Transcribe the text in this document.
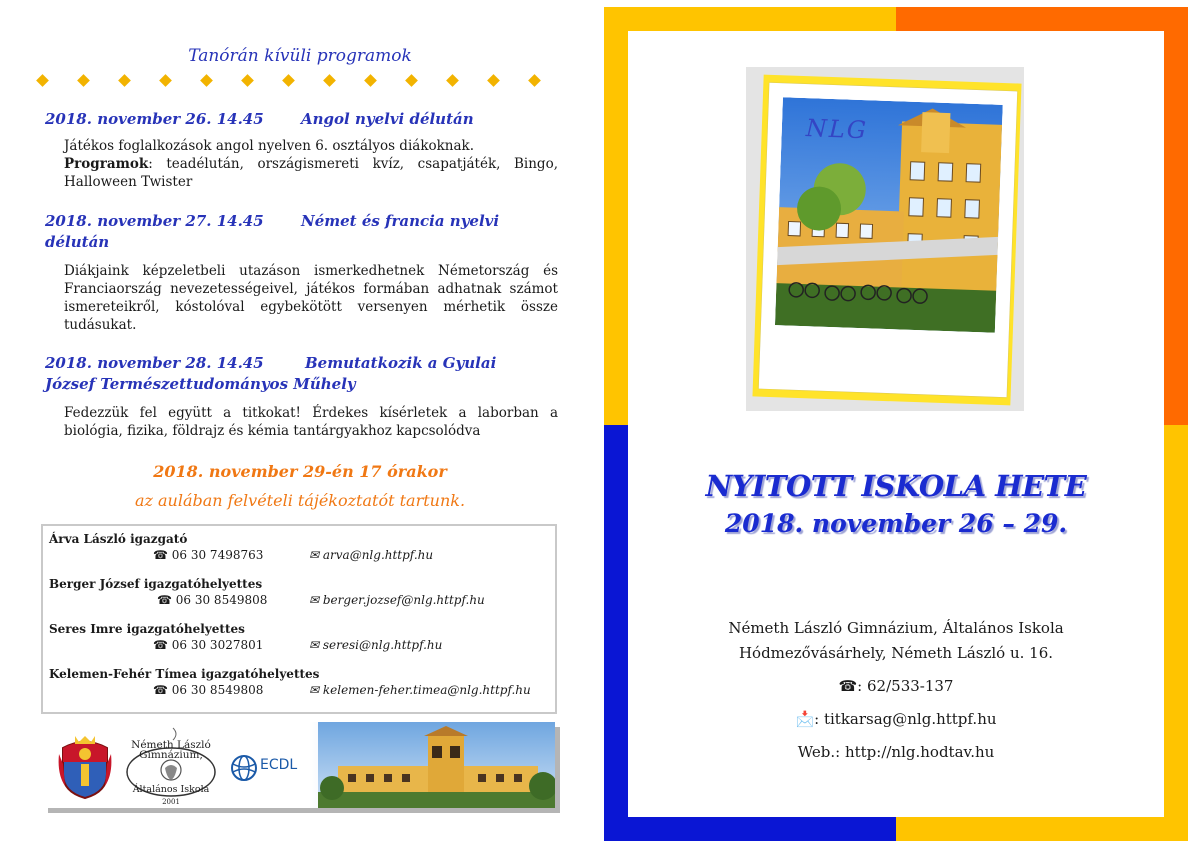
Tanórán kívüli programok
2018. november 26. 14.45 Angol nyelvi délután
Játékos foglalkozások angol nyelven 6. osztályos diákoknak.
Programok: teadélután, országismereti kvíz, csapatjáték, Bingo, Halloween Twister
2018. november 27. 14.45 Német és francia nyelvi
délután
Diákjaink képzeletbeli utazáson ismerkedhetnek Németország és Franciaország nevezetességeivel, játékos formában adhatnak számot ismereteikről, kóstolóval egybekötött versenyen mérhetik össze tudásukat.
2018. november 28. 14.45	Bemutatkozik a Gyulai
József Természettudományos Műhely
Fedezzük fel együtt a titkokat! Érdekes kísérletek a laborban a biológia, fizika, földrajz és kémia tantárgyakhoz kapcsolódva
2018. november 29-én 17 órakor
az aulában felvételi tájékoztatót tartunk.
Árva László igazgató
☎ 06 30 7498763	✉ arva@nlg.httpf.hu
Berger József igazgatóhelyettes
☎ 06 30 8549808	✉ berger.jozsef@nlg.httpf.hu
Seres Imre igazgatóhelyettes
☎ 06 30 3027801	✉ seresi@nlg.httpf.hu
Kelemen-Fehér Tímea igazgatóhelyettes
☎ 06 30 8549808	✉ kelemen-feher.timea@nlg.httpf.hu
Németh László
Gimnázium,
Általános Iskola
2001
ECDL
NLG
NYITOTT ISKOLA HETE
2018. november 26 – 29.
Németh László Gimnázium, Általános Iskola
Hódmezővásárhely, Németh László u. 16.
☎: 62/533-137
📩: titkarsag@nlg.httpf.hu
Web.: http://nlg.hodtav.hu
